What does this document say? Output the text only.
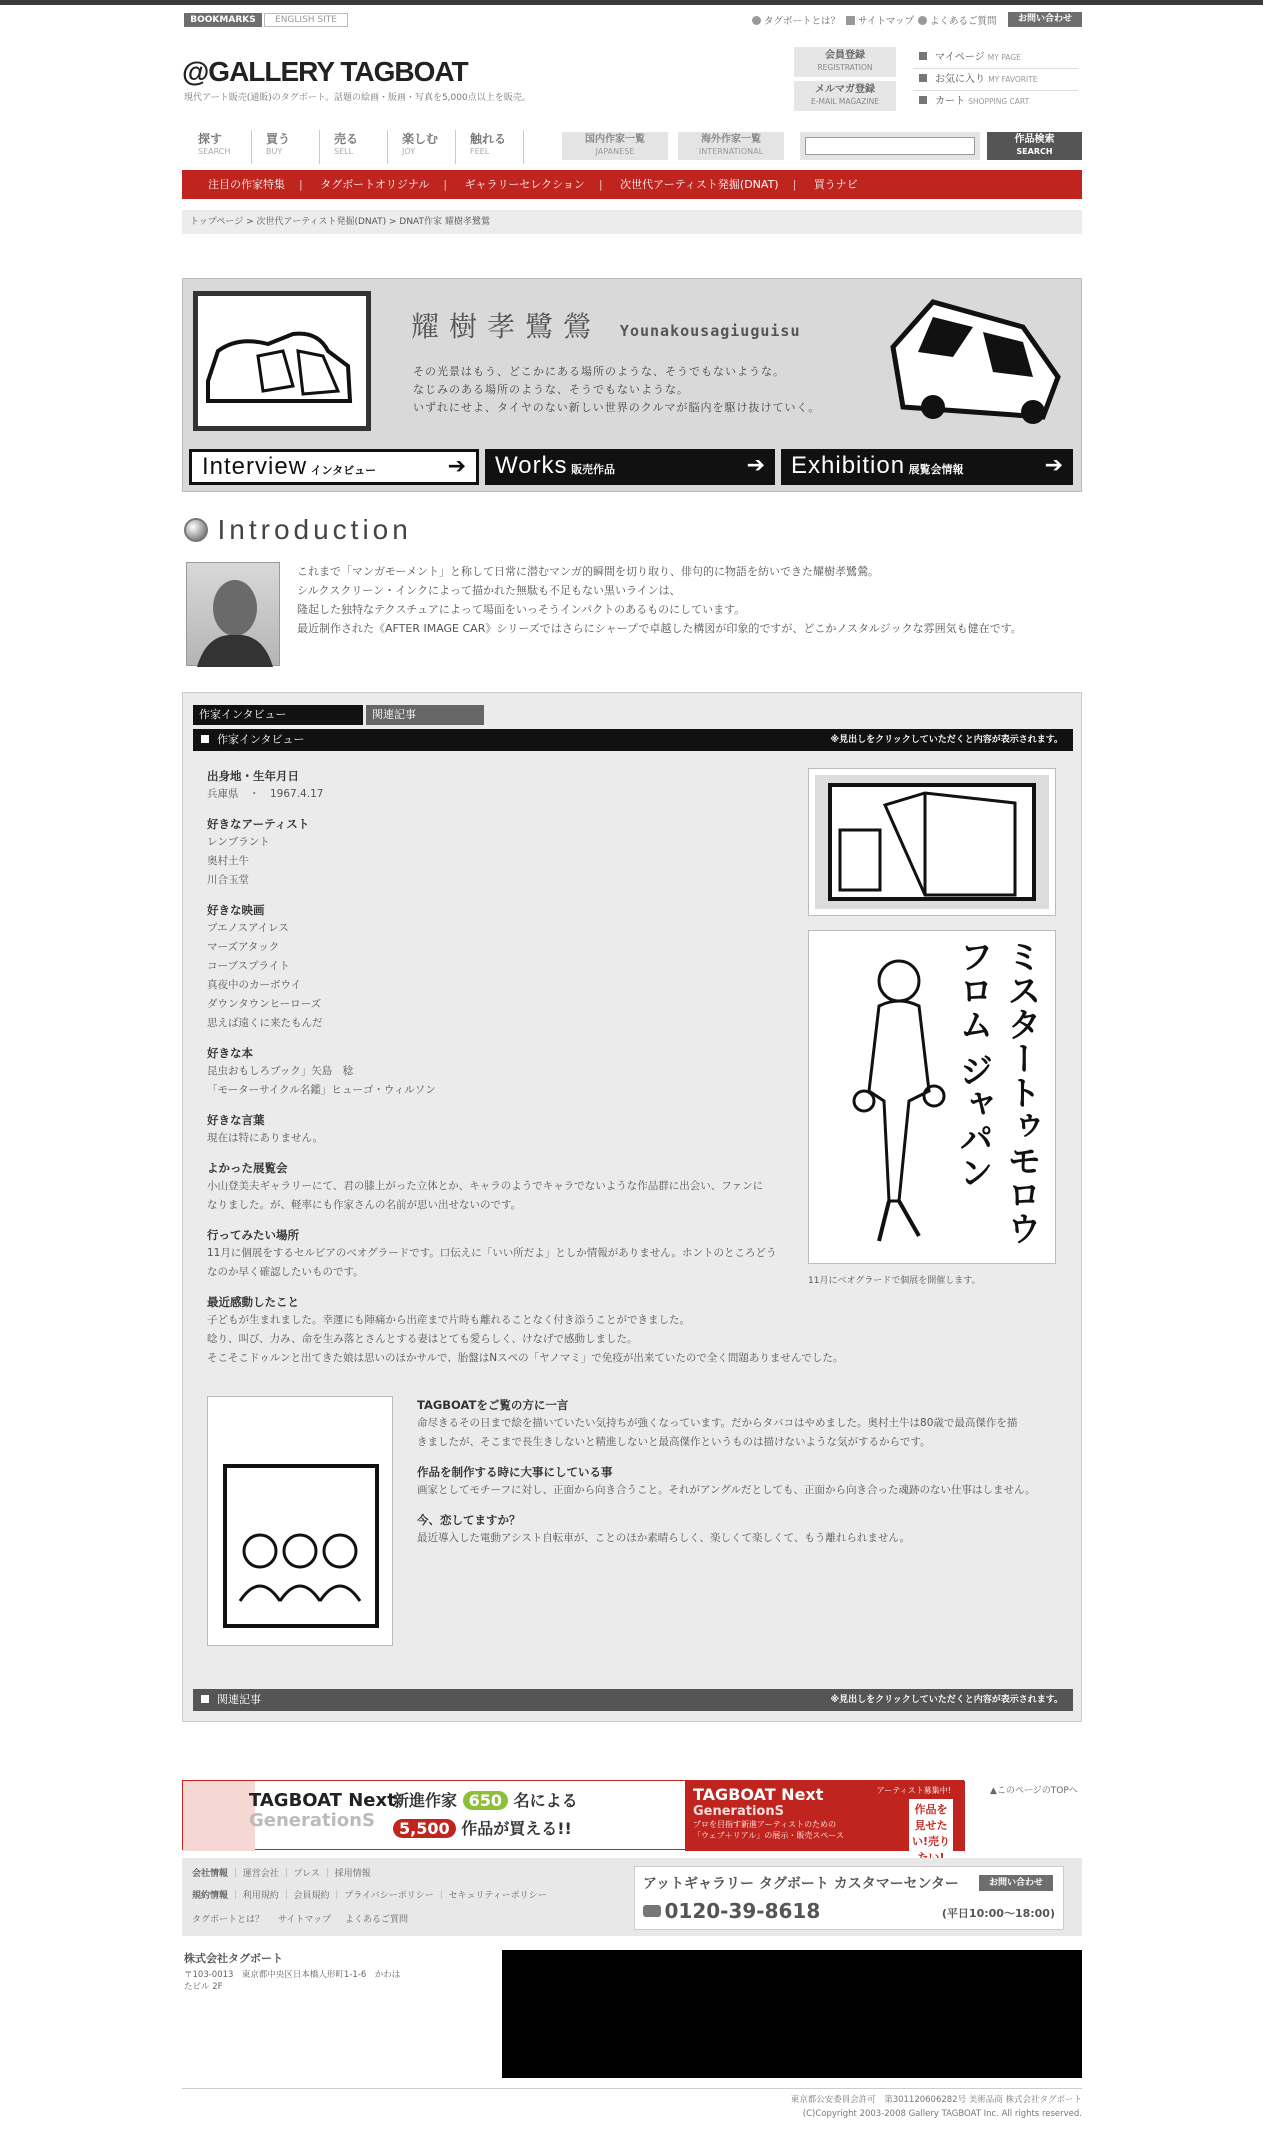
BOOKMARKS	ENGLISH SITE	タグボートとは？	サイトマップ	よくあるご質問	お問い合わせ
@GALLERY TAGBOAT
現代アート販売(通販)のタグボート。話題の絵画・版画・写真を5,000点以上を販売。
会員登録
REGISTRATION
メルマガ登録
E-MAIL MAGAZINE
マイページ MY PAGE
お気に入り MY FAVORITE
カート SHOPPING CART
探す
SEARCH
買う
BUY
売る
SELL
楽しむ
JOY
触れる
FEEL
国内作家一覧
JAPANESE
海外作家一覧
INTERNATIONAL
作品検索
SEARCH
注目の作家特集 | タグボートオリジナル | ギャラリーセレクション | 次世代アーティスト発掘(DNAT) | 買うナビ
トップページ > 次世代アーティスト発掘(DNAT) > DNAT作家 耀樹孝鷺鶯
耀樹孝鷺鶯 Younakousagiuguisu
その光景はもう、どこかにある場所のような、そうでもないような。
なじみのある場所のような、そうでもないような。
いずれにせよ、タイヤのない新しい世界のクルマが脳内を駆け抜けていく。
Interview インタビュー	➔	Works 販売作品	➔	Exhibition 展覧会情報	➔
Introduction
これまで「マンガモーメント」と称して日常に潜むマンガ的瞬間を切り取り、俳句的に物語を紡いできた耀樹孝鷺鶯。
シルクスクリーン・インクによって描かれた無駄も不足もない黒いラインは、
隆起した独特なテクスチュアによって場面をいっそうインパクトのあるものにしています。
最近制作された《AFTER IMAGE CAR》シリーズではさらにシャープで卓越した構図が印象的ですが、どこかノスタルジックな雰囲気も健在です。
作家インタビュー	関連記事
作家インタビュー	※見出しをクリックしていただくと内容が表示されます。
出身地・生年月日
兵庫県　・　1967.4.17
好きなアーティスト
レンブラント
奥村土牛
川合玉堂
好きな映画
ブエノスアイレス
マーズアタック
コーブスプライト
真夜中のカーボウイ
ダウンタウンヒーローズ
思えば遠くに来たもんだ
好きな本
昆虫おもしろブック」矢島　稔
「モーターサイクル名鑑」ヒューゴ・ウィルソン
好きな言葉
現在は特にありません。
よかった展覧会
小山登美夫ギャラリーにて、君の膝上がった立体とか、キャラのようでキャラでないような作品群に出会い、ファンに
なりました。が、軽率にも作家さんの名前が思い出せないのです。
行ってみたい場所
11月に個展をするセルビアのベオグラードです。口伝えに「いい所だよ」としか情報がありません。ホントのところどう
なのか早く確認したいものです。
最近感動したこと
子どもが生まれました。幸運にも陣痛から出産まで片時も離れることなく付き添うことができました。
唸り、叫び、力み、命を生み落とさんとする妻はとても愛らしく、けなげで感動しました。
そこそこドゥルンと出てきた娘は思いのほかサルで、胎盤はNスペの「ヤノマミ」で免疫が出来ていたので全く問題ありませんでした。
ミスタートゥモロウ フロム ジャパン
11月にベオグラードで個展を開催します。
TAGBOATをご覧の方に一言
命尽きるその日まで絵を描いていたい気持ちが強くなっています。だからタバコはやめました。奥村土牛は80歳で最高傑作を描
きましたが、そこまで長生きしないと精進しないと最高傑作というものは描けないような気がするからです。
作品を制作する時に大事にしている事
画家としてモチーフに対し、正面から向き合うこと。それがアングルだとしても、正面から向き合った魂跡のない仕事はしません。
今、恋してますか？
最近導入した電動アシスト自転車が、ことのほか素晴らしく、楽しくて楽しくて、もう離れられません。
関連記事	※見出しをクリックしていただくと内容が表示されます。
▲このページのTOPへ
TAGBOAT Next
GenerationS
新進作家 650 名による
5,500 作品が買える!!
TAGBOAT Next
GenerationS
プロを目指す新進アーティストのための
「ウェブ＋リアル」の展示・販売スペース
アーティスト募集中!
作品を見せたい!売り
会社情報 ｜ 運営会社 ｜ プレス ｜ 採用情報
規約情報 ｜ 利用規約 ｜ 会員規約 ｜ プライバシーポリシー ｜ セキュリティーポリシー
タグボートとは？ サイトマップ よくあるご質問
アットギャラリー タグボート カスタマーセンター	お問い合わせ
0120-39-8618	(平日10:00～18:00)
株式会社タグボート
〒103-0013　東京都中央区日本橋人形町1-1-6　かわは
たビル 2F
東京都公安委員会許可　第301120606282号 美術品商 株式会社タグボート
(C)Copyright 2003-2008 Gallery TAGBOAT Inc. All rights reserved.
